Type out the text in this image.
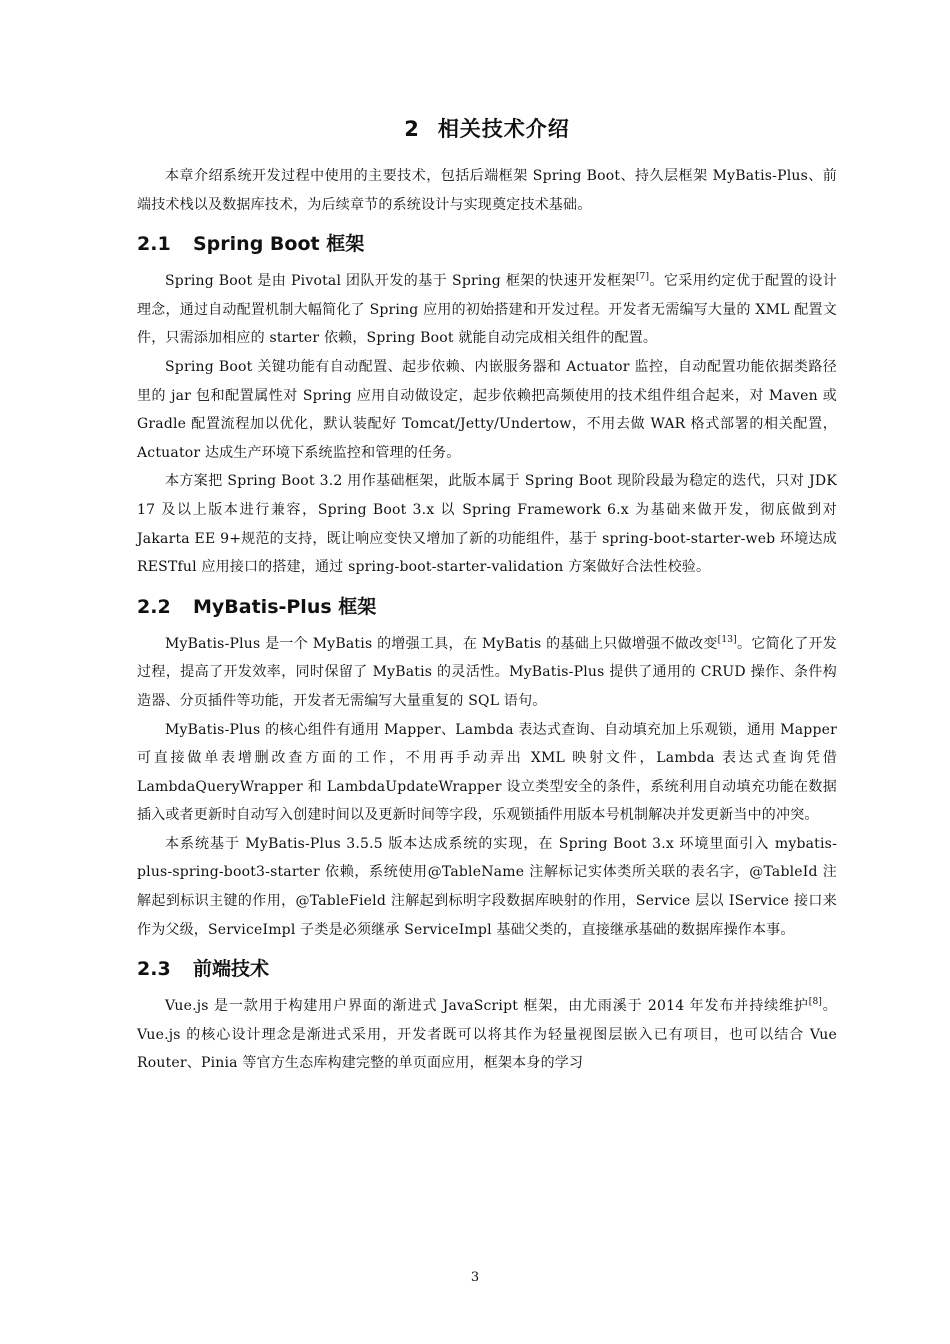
2 相关技术介绍

本章介绍系统开发过程中使用的主要技术，包括后端框架 Spring Boot、持久层框架 MyBatis-Plus、前端技术栈以及数据库技术，为后续章节的系统设计与实现奠定技术基础。

2.1 Spring Boot 框架

Spring Boot 是由 Pivotal 团队开发的基于 Spring 框架的快速开发框架[7]。它采用约定优于配置的设计理念，通过自动配置机制大幅简化了 Spring 应用的初始搭建和开发过程。开发者无需编写大量的 XML 配置文件，只需添加相应的 starter 依赖，Spring Boot 就能自动完成相关组件的配置。

Spring Boot 关键功能有自动配置、起步依赖、内嵌服务器和 Actuator 监控，自动配置功能依据类路径里的 jar 包和配置属性对 Spring 应用自动做设定，起步依赖把高频使用的技术组件组合起来，对 Maven 或 Gradle 配置流程加以优化，默认装配好 Tomcat/Jetty/Undertow，不用去做 WAR 格式部署的相关配置，Actuator 达成生产环境下系统监控和管理的任务。

本方案把 Spring Boot 3.2 用作基础框架，此版本属于 Spring Boot 现阶段最为稳定的迭代，只对 JDK 17 及以上版本进行兼容，Spring Boot 3.x 以 Spring Framework 6.x 为基础来做开发，彻底做到对 Jakarta EE 9+规范的支持，既让响应变快又增加了新的功能组件，基于 spring-boot-starter-web 环境达成 RESTful 应用接口的搭建，通过 spring-boot-starter-validation 方案做好合法性校验。

2.2 MyBatis-Plus 框架

MyBatis-Plus 是一个 MyBatis 的增强工具，在 MyBatis 的基础上只做增强不做改变[13]。它简化了开发过程，提高了开发效率，同时保留了 MyBatis 的灵活性。MyBatis-Plus 提供了通用的 CRUD 操作、条件构造器、分页插件等功能，开发者无需编写大量重复的 SQL 语句。

MyBatis-Plus 的核心组件有通用 Mapper、Lambda 表达式查询、自动填充加上乐观锁，通用 Mapper 可直接做单表增删改查方面的工作，不用再手动弄出 XML 映射文件，Lambda 表达式查询凭借 LambdaQueryWrapper 和 LambdaUpdateWrapper 设立类型安全的条件，系统利用自动填充功能在数据插入或者更新时自动写入创建时间以及更新时间等字段，乐观锁插件用版本号机制解决并发更新当中的冲突。

本系统基于 MyBatis-Plus 3.5.5 版本达成系统的实现，在 Spring Boot 3.x 环境里面引入 mybatis-plus-spring-boot3-starter 依赖，系统使用@TableName 注解标记实体类所关联的表名字，@TableId 注解起到标识主键的作用，@TableField 注解起到标明字段数据库映射的作用，Service 层以 IService 接口来作为父级，ServiceImpl 子类是必须继承 ServiceImpl 基础父类的，直接继承基础的数据库操作本事。

2.3 前端技术

Vue.js 是一款用于构建用户界面的渐进式 JavaScript 框架，由尤雨溪于 2014 年发布并持续维护[8]。Vue.js 的核心设计理念是渐进式采用，开发者既可以将其作为轻量视图层嵌入已有项目，也可以结合 Vue Router、Pinia 等官方生态库构建完整的单页面应用，框架本身的学习

3
